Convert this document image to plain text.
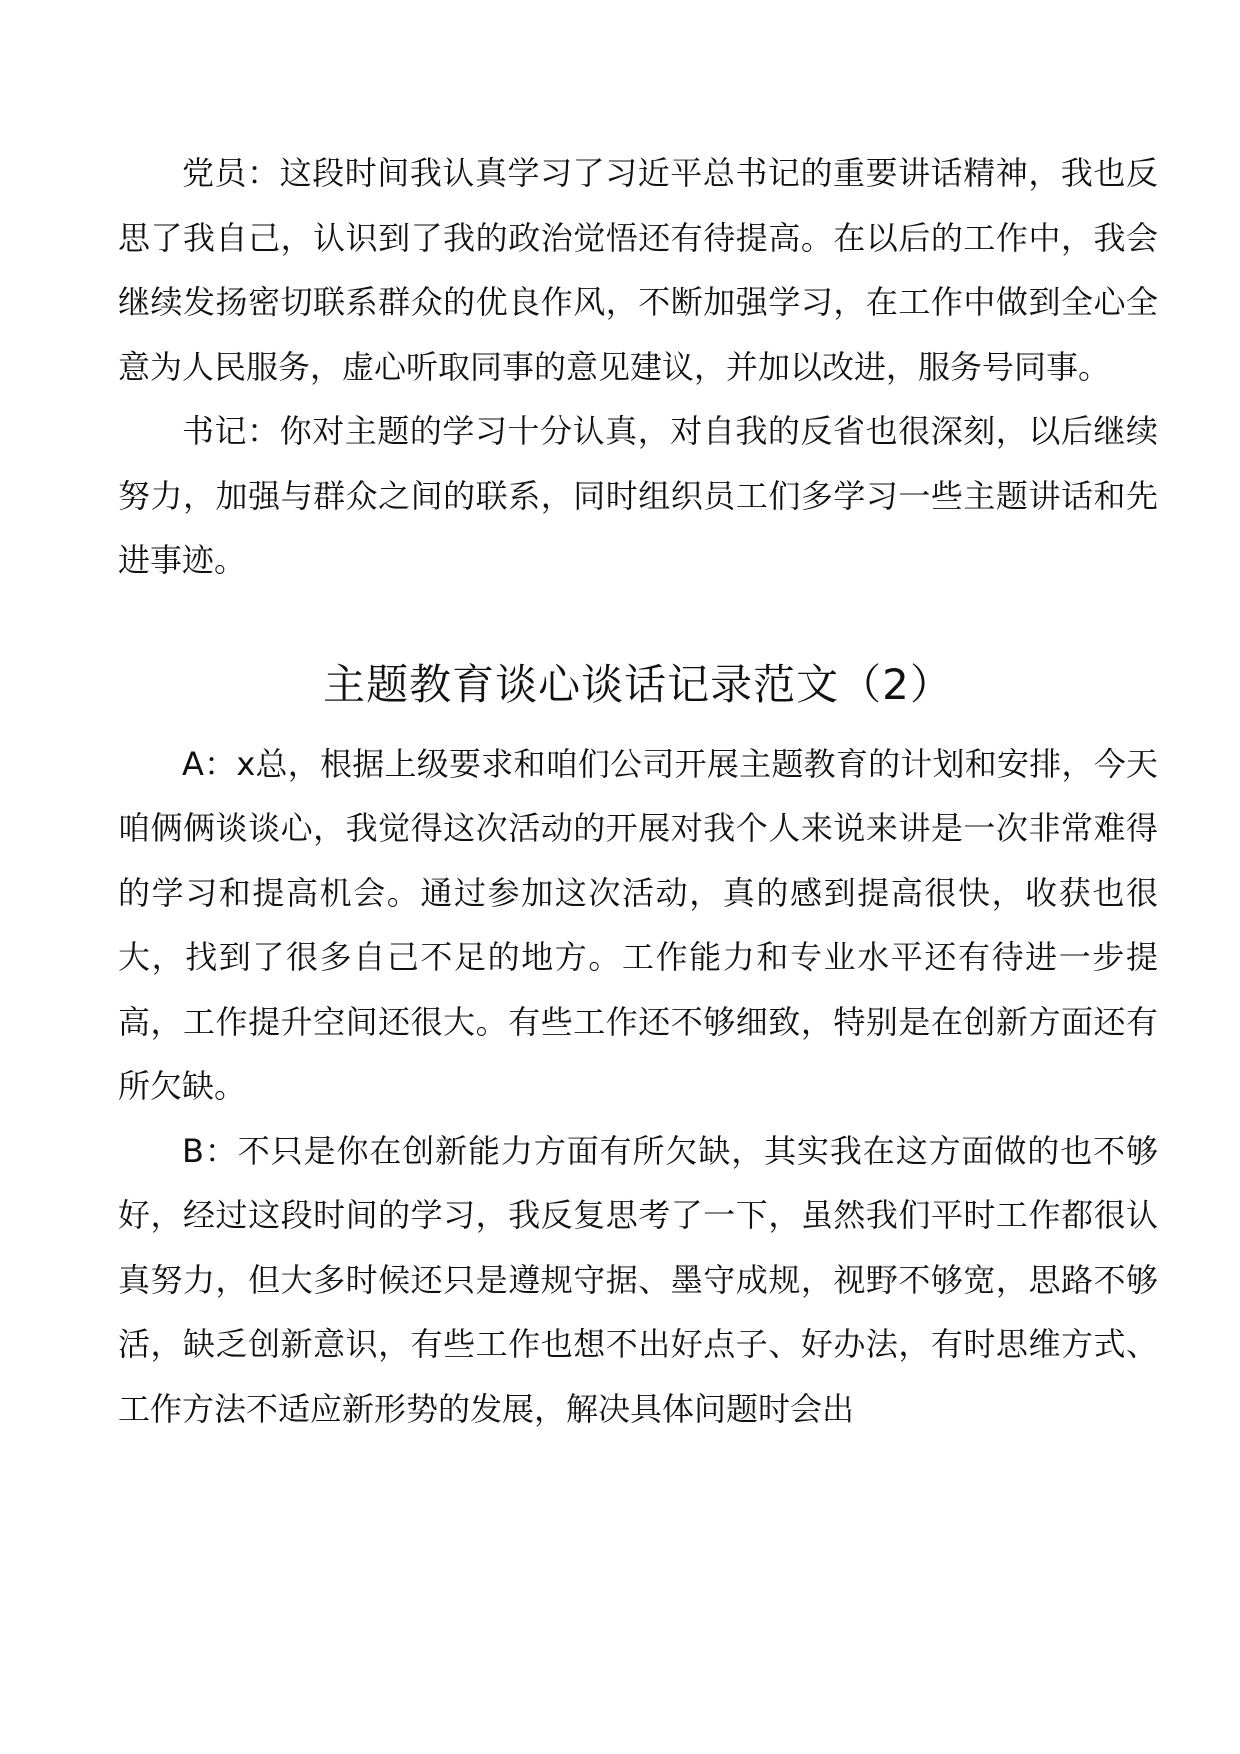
党员：这段时间我认真学习了习近平总书记的重要讲话精神，我也反思了我自己，认识到了我的政治觉悟还有待提高。在以后的工作中，我会继续发扬密切联系群众的优良作风，不断加强学习，在工作中做到全心全意为人民服务，虚心听取同事的意见建议，并加以改进，服务号同事。

书记：你对主题的学习十分认真，对自我的反省也很深刻，以后继续努力，加强与群众之间的联系，同时组织员工们多学习一些主题讲话和先进事迹。

主题教育谈心谈话记录范文（2）

A：x总，根据上级要求和咱们公司开展主题教育的计划和安排，今天咱俩俩谈谈心，我觉得这次活动的开展对我个人来说来讲是一次非常难得的学习和提高机会。通过参加这次活动，真的感到提高很快，收获也很大，找到了很多自己不足的地方。工作能力和专业水平还有待进一步提高，工作提升空间还很大。有些工作还不够细致，特别是在创新方面还有所欠缺。

B：不只是你在创新能力方面有所欠缺，其实我在这方面做的也不够好，经过这段时间的学习，我反复思考了一下，虽然我们平时工作都很认真努力，但大多时候还只是遵规守据、墨守成规，视野不够宽，思路不够活，缺乏创新意识，有些工作也想不出好点子、好办法，有时思维方式、工作方法不适应新形势的发展，解决具体问题时会出
